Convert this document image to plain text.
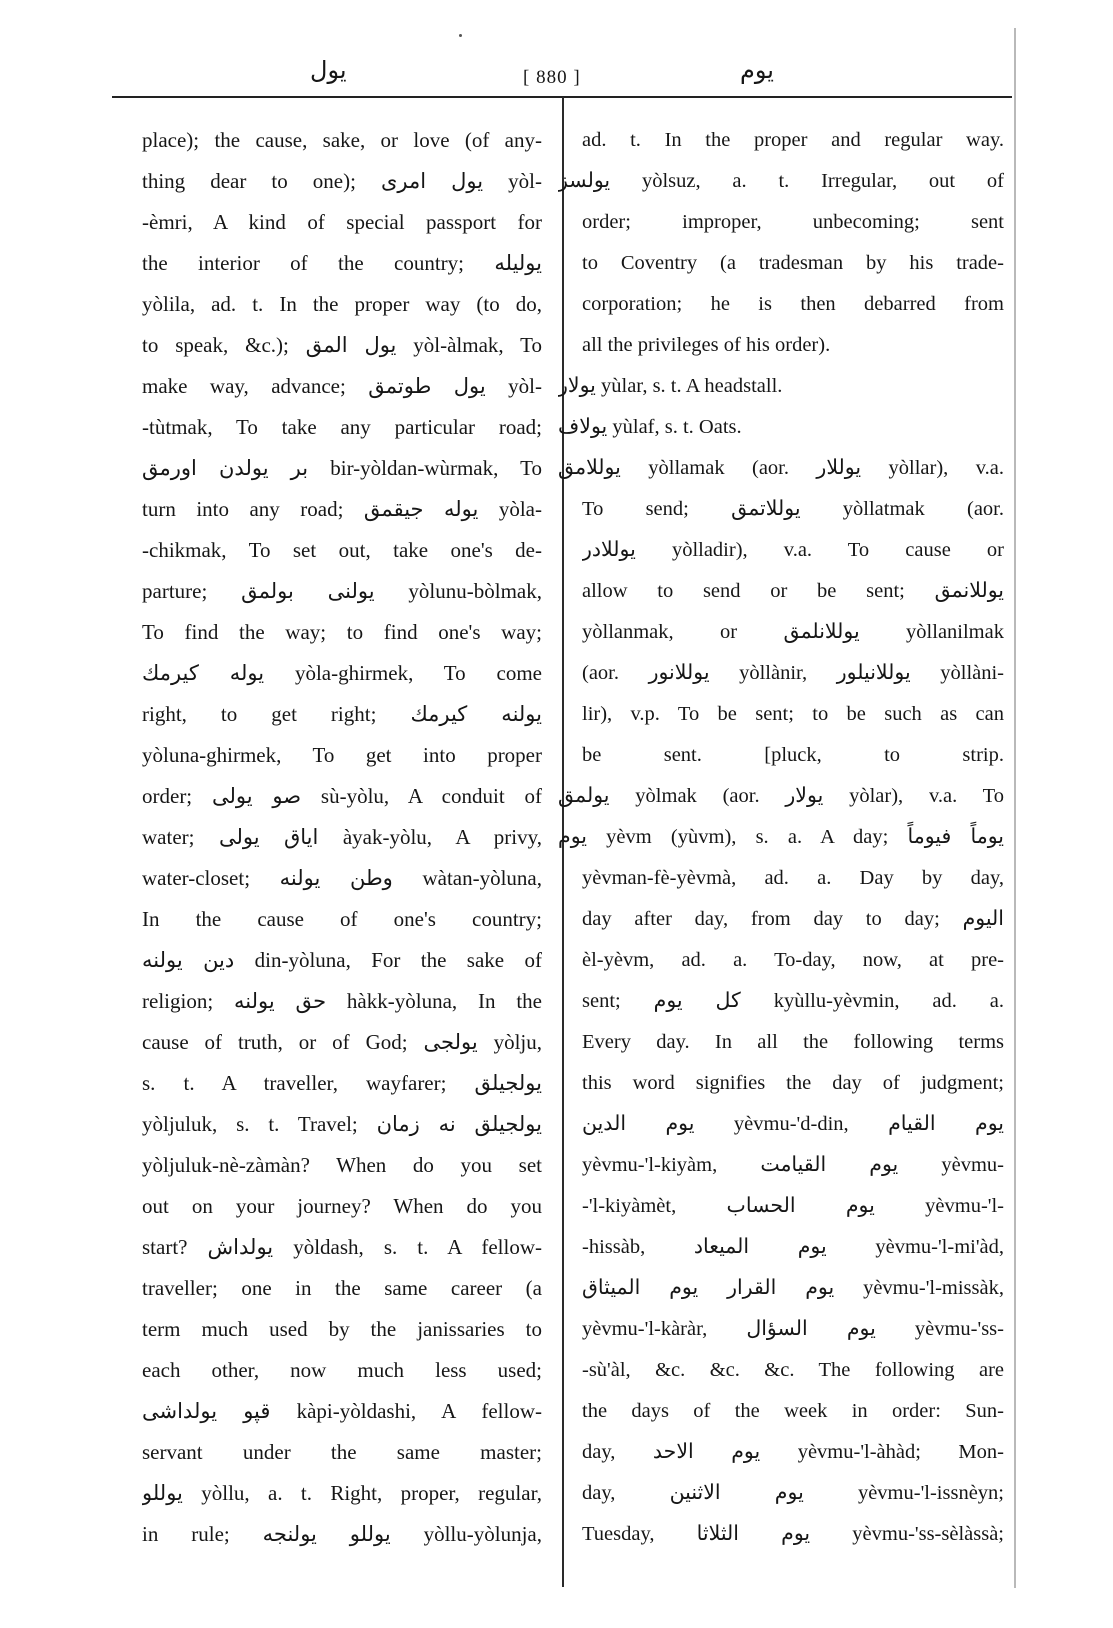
يول	[ 880 ]	يوم
place); the cause, sake, or love (of any-
thing dear to one); يول امرى yòl-
-èmri, A kind of special passport for
the interior of the country; يوليله
yòlila, ad. t. In the proper way (to do,
to speak, &c.); يول المق yòl-àlmak, To
make way, advance; يول طوتمق yòl-
-tùtmak, To take any particular road;
بر يولدن اورمق bir-yòldan-wùrmak, To
turn into any road; يوله جيقمق yòla-
-chikmak, To set out, take one's de-
parture; يولنى بولمق yòlunu-bòlmak,
To find the way; to find one's way;
يوله كيرمك yòla-ghirmek, To come
right, to get right; يولنه كيرمك
yòluna-ghirmek, To get into proper
order; صو يولى sù-yòlu, A conduit of
water; اياق يولى àyak-yòlu, A privy,
water-closet; وطن يولنه wàtan-yòluna,
In the cause of one's country;
دين يولنه din-yòluna, For the sake of
religion; حق يولنه hàkk-yòluna, In the
cause of truth, or of God; يولجى yòlju,
s. t. A traveller, wayfarer; يولجيلق
yòljuluk, s. t. Travel; يولجيلق نه زمان
yòljuluk-nè-zàmàn? When do you set
out on your journey? When do you
start? يولداش yòldash, s. t. A fellow-
traveller; one in the same career (a
term much used by the janissaries to
each other, now much less used;
قپو يولداشى kàpi-yòldashi, A fellow-
servant under the same master;
يوللو yòllu, a. t. Right, proper, regular,
in rule; يوللو يولنجه yòllu-yòlunja,
ad. t. In the proper and regular way.
يولسز yòlsuz, a. t. Irregular, out of
order; improper, unbecoming; sent
to Coventry (a tradesman by his trade-
corporation; he is then debarred from
all the privileges of his order).
يولار yùlar, s. t. A headstall.
يولاف yùlaf, s. t. Oats.
يوللامق yòllamak (aor. يوللار yòllar), v.a.
To send; يوللاتمق yòllatmak (aor.
يوللادر yòlladir), v.a. To cause or
allow to send or be sent; يوللانمق
yòllanmak, or يوللانلمق yòllanilmak
(aor. يوللانور yòllànir, يوللانيلور yòllàni-
lir), v.p. To be sent; to be such as can
be sent. [pluck, to strip.
يولمق yòlmak (aor. يولار yòlar), v.a. To
يوم yèvm (yùvm), s. a. A day; يوماً فيوماً
yèvman-fè-yèvmà, ad. a. Day by day,
day after day, from day to day; اليوم
èl-yèvm, ad. a. To-day, now, at pre-
sent; كل يوم kyùllu-yèvmin, ad. a.
Every day. In all the following terms
this word signifies the day of judgment;
يوم الدين yèvmu-'d-din, يوم القيام
yèvmu-'l-kiyàm, يوم القيامت yèvmu-
-'l-kiyàmèt, يوم الحساب yèvmu-'l-
-hissàb, يوم الميعاد yèvmu-'l-mi'àd,
يوم القرار يوم الميثاق yèvmu-'l-missàk,
yèvmu-'l-kàràr, يوم السؤال yèvmu-'ss-
-sù'àl, &c. &c. &c. The following are
the days of the week in order: Sun-
day, يوم الاحد yèvmu-'l-àhàd; Mon-
day, يوم الاثنين yèvmu-'l-issnèyn;
Tuesday, يوم الثلاثا yèvmu-'ss-sèlàssà;
